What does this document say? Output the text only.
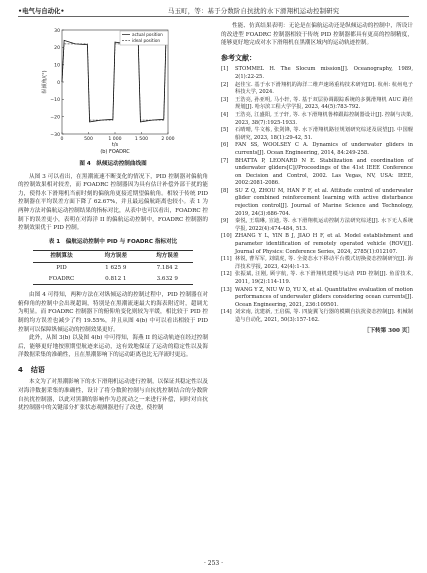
•电气与自动化•	马玉町，等：基于分数阶自抗扰的水下滑翔机运动控制研究
30
20
10
0
−10
−20
−30
0	500	1 000	1 500	2 000
纵倾角/(°)
t/s
(b) FOADRC
actual position
ideal position
图 4　纵倾运动控制曲线图

从图 3 可以看出，在黑潮流速不断变化的情况下，PID 控制器对偏航角的控制效果相对较差，而 FOADRC 控制器因为具有估计补偿外部干扰的能力，使得水下滑翔机当前时刻的偏航角更接近期望偏航角。相较于传统 PID 控制器在平均误差方面下降了 62.67%，并且最远偏航距离也较小。表 1 为两种方法对偏航运动控制结果的指标对比，从表中也可以看出，FOADRC 控制下的误差更小，表明在对海洋 II 的偏航运动控制中，FOADRC 控制器的控制效果优于 PID 控制。

表 1　偏航运动控制中 PID 与 FOADRC 指标对比
控制算法	均方误差	均方误差
PID	1 625 9	7.184 2
FOADRC	0.812 1	3.632 9

由图 4 可得知，两种方法在对纵倾运动的控制过程中，PID 控制器在对俯仰角的控制中会出现超调，特别是在黑潮流速最大的海表附近时，超调尤为明显。而 FOADRC 控制器下的俯仰角变化则较为平缓，相比较于 PID 控制的均方误差也减少了约 19.55%，并且从图 4(b) 中可以看出相较于 PID 控制可以保障纵倾运动的控制效果更好。

此外，从图 3(b) 以及图 4(b) 中可得知，海燕 II 的运动轨迹在经过控制后，能够更好地按照期望航迹来运动，这有效地保证了运动的稳定性以及海洋数据采集的准确性，且在黑潮影响下的运动距离也比无洋流时更远。

4 结语

本文为了对黑潮影响下的水下滑翔机运动进行控制，以保证其稳定性以及对海洋数据采集的准确性，设计了将分数阶控制与自抗扰控制结合的分数阶自抗扰控制器，以此对黑潮的影响作为总扰动之一来进行补偿，同时对自抗扰控制器中的关键部分扩张状态观测器进行了改进，使控制

性能、仿真结果表明：无论是在偏航运动还是纵倾运动的控制中，所设计的改进型 FOADRC 控制器相较于传统 PID 控制器都具有更高的控制精度，能够更好地完成对水下滑翔机在黑潮区域内的运动轨迹控制。

参考文献：
[1] STOMMEL H. The Slocum mission[J]. Oceanography, 1989, 2(1):22-25.
[2] 赵佳宝. 基于水下滑翔机的海洋二维声速场重构技术研究[D]. 杭州: 杭州电子科技大学, 2024.
[3] 王浩亮, 孙亚明, 马小轩, 等. 基于双层协调跟踪系统的多翼滑翔机 AUC 路径规划[J]. 哈尔滨工程大学学报, 2023, 44(5):783-792.
[4] 王浩亮, 江盛阳, 王子轩, 等. 水下滑翔机鲁棒跟踪控制器设计[J]. 控制与决策, 2023, 38(7):1925-1933.
[5] 石晴晴, 牛文栋, 张剑锋, 等. 水下滑翔机路径规划研究综述及展望[J]. 中国舰船研究, 2023, 18(1):29-42, 51.
[6] FAN SS, WOOLSEY C A. Dynamics of underwater gliders in currents[J]. Ocean Engineering, 2014, 84:249-258.
[7] BHATTA P, LEONARD N E. Stabilization and coordination of underwater gliders[C]//Proceedings of the 41st IEEE Conference on Decision and Control, 2002. Las Vegas, NV, USA: IEEE, 2002:2081-2086.
[8] SU Z Q, ZHOU M, HAN F F, et al. Attitude control of underwater glider combined reinforcement learning with active disturbance rejection control[J]. Journal of Marine Science and Technology, 2019, 24(3):686-704.
[9] 秦悦, 王瑞琳, 宣迪, 等. 水下滑翔机运动控制方法研究综述[J]. 水下无人系统学报, 2022(4):474-484, 513.
[10] ZHANG Y L, YIN B J, JIAO H F, et al. Model establishment and parameter identification of remotely operated vehicle (ROV)[J]. Journal of Physics: Conference Series, 2024, 2785(1):012107.
[11] 林锐, 曹军军, 刘瑞虎, 等. 全姿态水下移动平台模式切换姿态控制研究[J]. 海洋技术学报, 2023, 42(4):1-13.
[12] 张振斌, 汪刚, 顾宇航, 等. 水下滑翔机建模与运动 PID 控制[J]. 鱼雷技术, 2011, 19(2):114-119.
[13] WANG Y Z, NIU W D, YU X, et al. Quantitative evaluation of motion performances of underwater gliders considering ocean currents[J]. Ocean Engineering, 2021, 236:109501.
[14] 刘宋南, 沈建新, 王启儒, 等. 四旋翼飞行器的模糊自抗扰姿态控制[J]. 机械制造与自动化, 2021, 50(3):157-162.
［下转第 300 页］
· 253 ·
